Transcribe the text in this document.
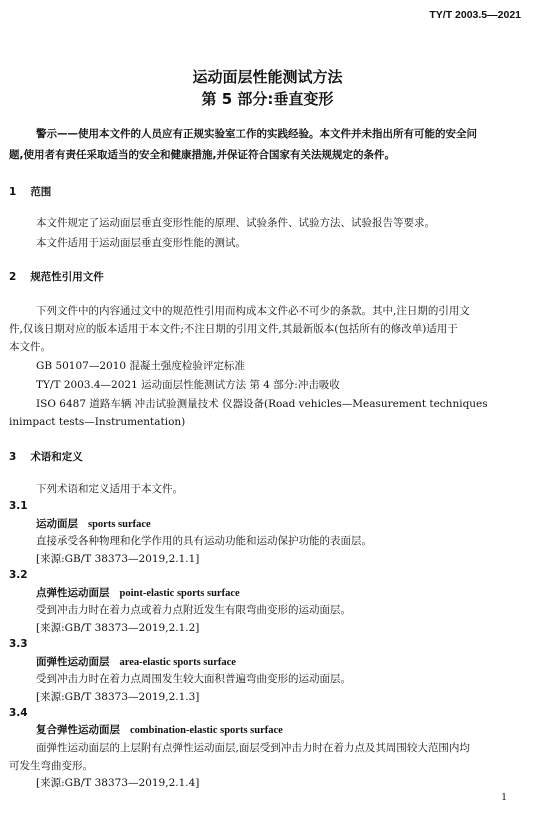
TY/T 2003.5—2021
运动面层性能测试方法
第 5 部分:垂直变形
警示——使用本文件的人员应有正规实验室工作的实践经验。本文件并未指出所有可能的安全问
题,使用者有责任采取适当的安全和健康措施,并保证符合国家有关法规规定的条件。
1 范围
本文件规定了运动面层垂直变形性能的原理、试验条件、试验方法、试验报告等要求。
本文件适用于运动面层垂直变形性能的测试。
2 规范性引用文件
下列文件中的内容通过文中的规范性引用而构成本文件必不可少的条款。其中,注日期的引用文
件,仅该日期对应的版本适用于本文件;不注日期的引用文件,其最新版本(包括所有的修改单)适用于
本文件。
GB 50107—2010 混凝土强度检验评定标准
TY/T 2003.4—2021 运动面层性能测试方法 第 4 部分:冲击吸收
ISO 6487 道路车辆 冲击试验测量技术 仪器设备(Road vehicles—Measurement techniques
inimpact tests—Instrumentation)
3 术语和定义
下列术语和定义适用于本文件。
3.1
运动面层 sports surface
直接承受各种物理和化学作用的具有运动功能和运动保护功能的表面层。
[来源:GB/T 38373—2019,2.1.1]
3.2
点弹性运动面层 point-elastic sports surface
受到冲击力时在着力点或着力点附近发生有限弯曲变形的运动面层。
[来源:GB/T 38373—2019,2.1.2]
3.3
面弹性运动面层 area-elastic sports surface
受到冲击力时在着力点周围发生较大面积普遍弯曲变形的运动面层。
[来源:GB/T 38373—2019,2.1.3]
3.4
复合弹性运动面层 combination-elastic sports surface
面弹性运动面层的上层附有点弹性运动面层,面层受到冲击力时在着力点及其周围较大范围内均
可发生弯曲变形。
[来源:GB/T 38373—2019,2.1.4]
1
